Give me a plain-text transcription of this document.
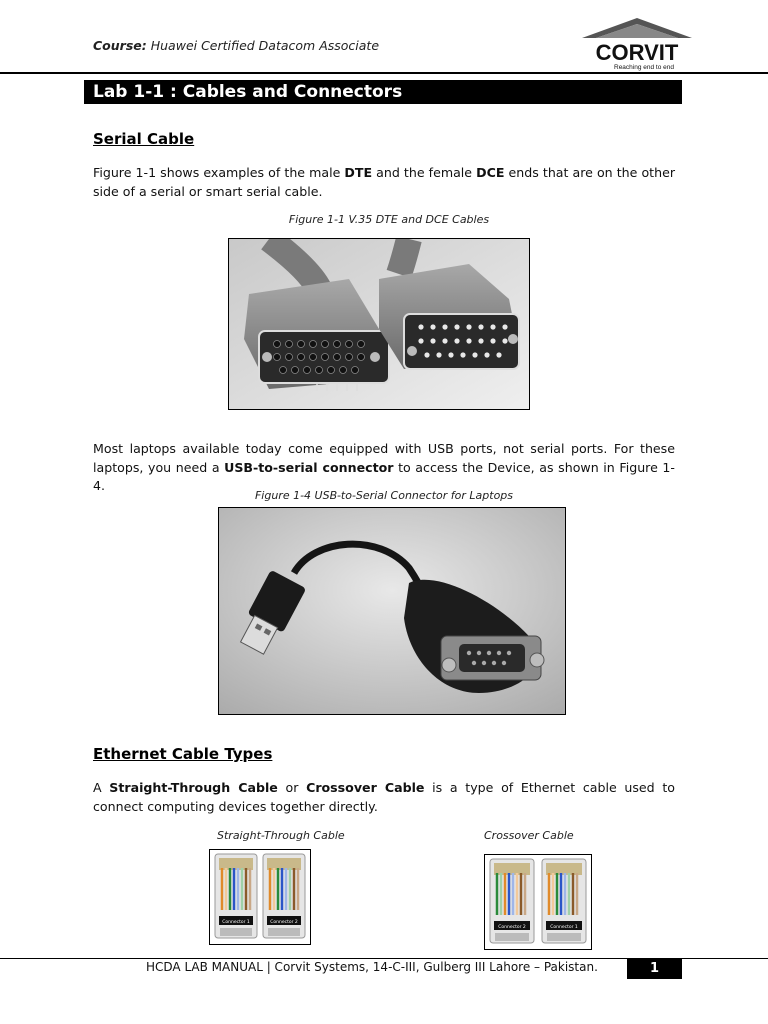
Course: Huawei Certified Datacom Associate	CORVIT
Reaching end to end
Lab 1-1 : Cables and Connectors
Serial Cable
Figure 1-1 shows examples of the male DTE and the female DCE ends that are on the other side of a serial or smart serial cable.
Figure 1-1 V.35 DTE and DCE Cables
Most laptops available today come equipped with USB ports, not serial ports. For these laptops, you need a USB-to-serial connector to access the Device, as shown in Figure 1-4.
Figure 1-4 USB-to-Serial Connector for Laptops
Ethernet Cable Types
A Straight-Through Cable or Crossover Cable is a type of Ethernet cable used to connect computing devices together directly.
Straight-Through Cable	Crossover Cable
Connector 1	Connector 2
Connector 2	Connector 1
HCDA LAB MANUAL | Corvit Systems, 14-C-III, Gulberg III Lahore – Pakistan.	1
